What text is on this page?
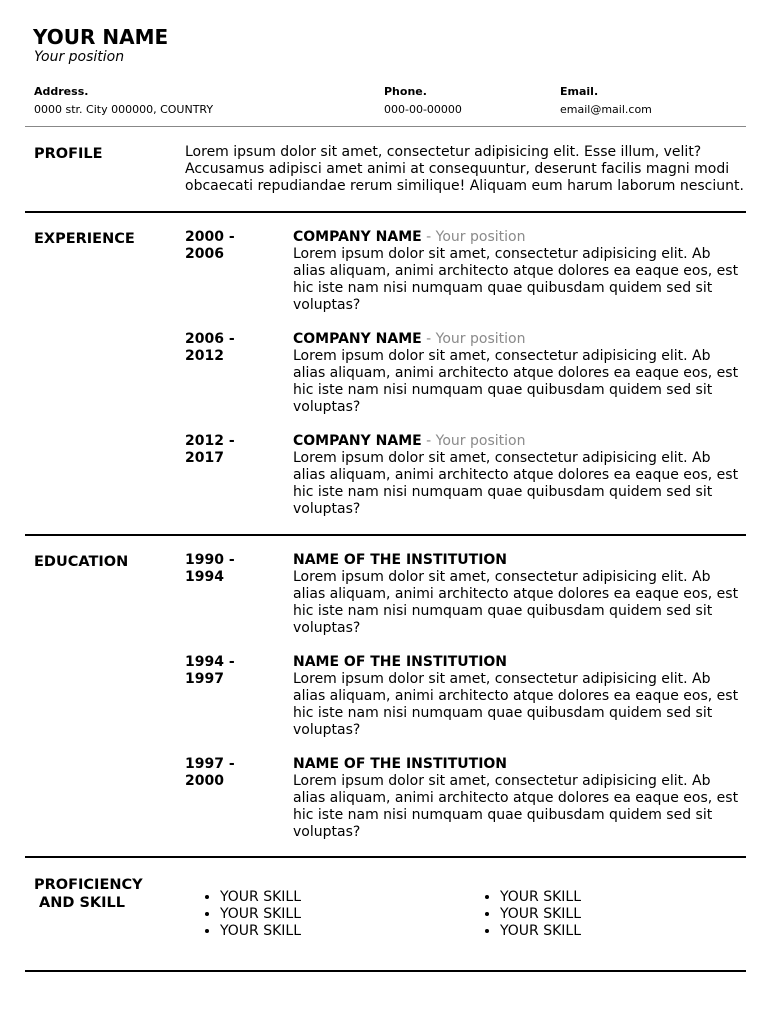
YOUR NAME
Your position
Address.
0000 str. City 000000, COUNTRY
Phone.
000-00-00000
Email.
email@mail.com
PROFILE	Lorem ipsum dolor sit amet, consectetur adipisicing elit. Esse illum, velit? Accusamus adipisci amet animi at consequuntur, deserunt facilis magni modi obcaecati repudiandae rerum similique! Aliquam eum harum laborum nesciunt.
EXPERIENCE	2000 -
2006
COMPANY NAME - Your position
Lorem ipsum dolor sit amet, consectetur adipisicing elit. Ab alias aliquam, animi architecto atque dolores ea eaque eos, est hic iste nam nisi numquam quae quibusdam quidem sed sit voluptas?
2006 -
2012
COMPANY NAME - Your position
Lorem ipsum dolor sit amet, consectetur adipisicing elit. Ab alias aliquam, animi architecto atque dolores ea eaque eos, est hic iste nam nisi numquam quae quibusdam quidem sed sit voluptas?
2012 -
2017
COMPANY NAME - Your position
Lorem ipsum dolor sit amet, consectetur adipisicing elit. Ab alias aliquam, animi architecto atque dolores ea eaque eos, est hic iste nam nisi numquam quae quibusdam quidem sed sit voluptas?
EDUCATION	1990 -
1994
NAME OF THE INSTITUTION
Lorem ipsum dolor sit amet, consectetur adipisicing elit. Ab alias aliquam, animi architecto atque dolores ea eaque eos, est hic iste nam nisi numquam quae quibusdam quidem sed sit voluptas?
1994 -
1997
NAME OF THE INSTITUTION
Lorem ipsum dolor sit amet, consectetur adipisicing elit. Ab alias aliquam, animi architecto atque dolores ea eaque eos, est hic iste nam nisi numquam quae quibusdam quidem sed sit voluptas?
1997 -
2000
NAME OF THE INSTITUTION
Lorem ipsum dolor sit amet, consectetur adipisicing elit. Ab alias aliquam, animi architecto atque dolores ea eaque eos, est hic iste nam nisi numquam quae quibusdam quidem sed sit voluptas?
PROFICIENCY
AND SKILL
•	YOUR SKILL
• YOUR SKILL
• YOUR SKILL
• YOUR SKILL
• YOUR SKILL
• YOUR SKILL
